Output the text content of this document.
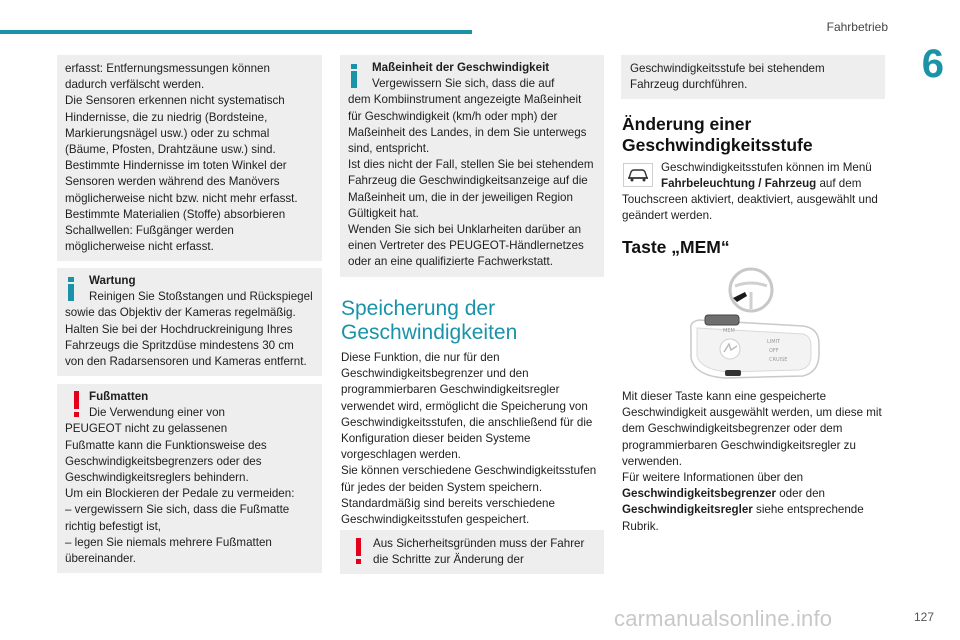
Fahrbetrieb
6

erfasst: Entfernungsmessungen können dadurch verfälscht werden.
Die Sensoren erkennen nicht systematisch Hindernisse, die zu niedrig (Bordsteine, Markierungsnägel usw.) oder zu schmal (Bäume, Pfosten, Drahtzäune usw.) sind.
Bestimmte Hindernisse im toten Winkel der Sensoren werden während des Manövers möglicherweise nicht bzw. nicht mehr erfasst.
Bestimmte Materialien (Stoffe) absorbieren Schallwellen: Fußgänger werden möglicherweise nicht erfasst.

Wartung

Reinigen Sie Stoßstangen und Rückspiegel

sowie das Objektiv der Kameras regelmäßig.
Halten Sie bei der Hochdruckreinigung Ihres Fahrzeugs die Spritzdüse mindestens 30 cm von den Radarsensoren und Kameras entfernt.

Fußmatten

Die Verwendung einer von

PEUGEOT nicht zu gelassenen
Fußmatte kann die Funktionsweise des Geschwindigkeitsbegrenzers oder des Geschwindigkeitsreglers behindern.
Um ein Blockieren der Pedale zu vermeiden:
– vergewissern Sie sich, dass die Fußmatte richtig befestigt ist,
– legen Sie niemals mehrere Fußmatten übereinander.

Maßeinheit der Geschwindigkeit

Vergewissern Sie sich, dass die auf

dem Kombiinstrument angezeigte Maßeinheit für Geschwindigkeit (km/h oder mph) der Maßeinheit des Landes, in dem Sie unterwegs sind, entspricht.
Ist dies nicht der Fall, stellen Sie bei stehendem Fahrzeug die Geschwindigkeitsanzeige auf die Maßeinheit um, die in der jeweiligen Region Gültigkeit hat.
Wenden Sie sich bei Unklarheiten darüber an einen Vertreter des PEUGEOT-Händlernetzes oder an eine qualifizierte Fachwerkstatt.

Speicherung der Geschwindigkeiten
Diese Funktion, die nur für den Geschwindigkeitsbegrenzer und den programmierbaren Geschwindigkeitsregler verwendet wird, ermöglicht die Speicherung von Geschwindigkeitsstufen, die anschließend für die Konfiguration dieser beiden Systeme vorgeschlagen werden.
Sie können verschiedene Geschwindigkeitsstufen für jedes der beiden System speichern.
Standardmäßig sind bereits verschiedene Geschwindigkeitsstufen gespeichert.

Aus Sicherheitsgründen muss der Fahrer die Schritte zur Änderung der

Geschwindigkeitsstufe bei stehendem Fahrzeug durchführen.

Änderung einer Geschwindigkeitsstufe
Geschwindigkeitsstufen können im Menü
Fahrbeleuchtung / Fahrzeug auf dem
Touchscreen aktiviert, deaktiviert, ausgewählt und geändert werden.
Taste „MEM“
MEM
LIMIT
OFF
CRUISE
Mit dieser Taste kann eine gespeicherte Geschwindigkeit ausgewählt werden, um diese mit dem Geschwindigkeitsbegrenzer oder dem programmierbaren Geschwindigkeitsregler zu verwenden.
Für weitere Informationen über den
Geschwindigkeitsbegrenzer oder den
Geschwindigkeitsregler siehe entsprechende Rubrik.
carmanualsonline.info	127
